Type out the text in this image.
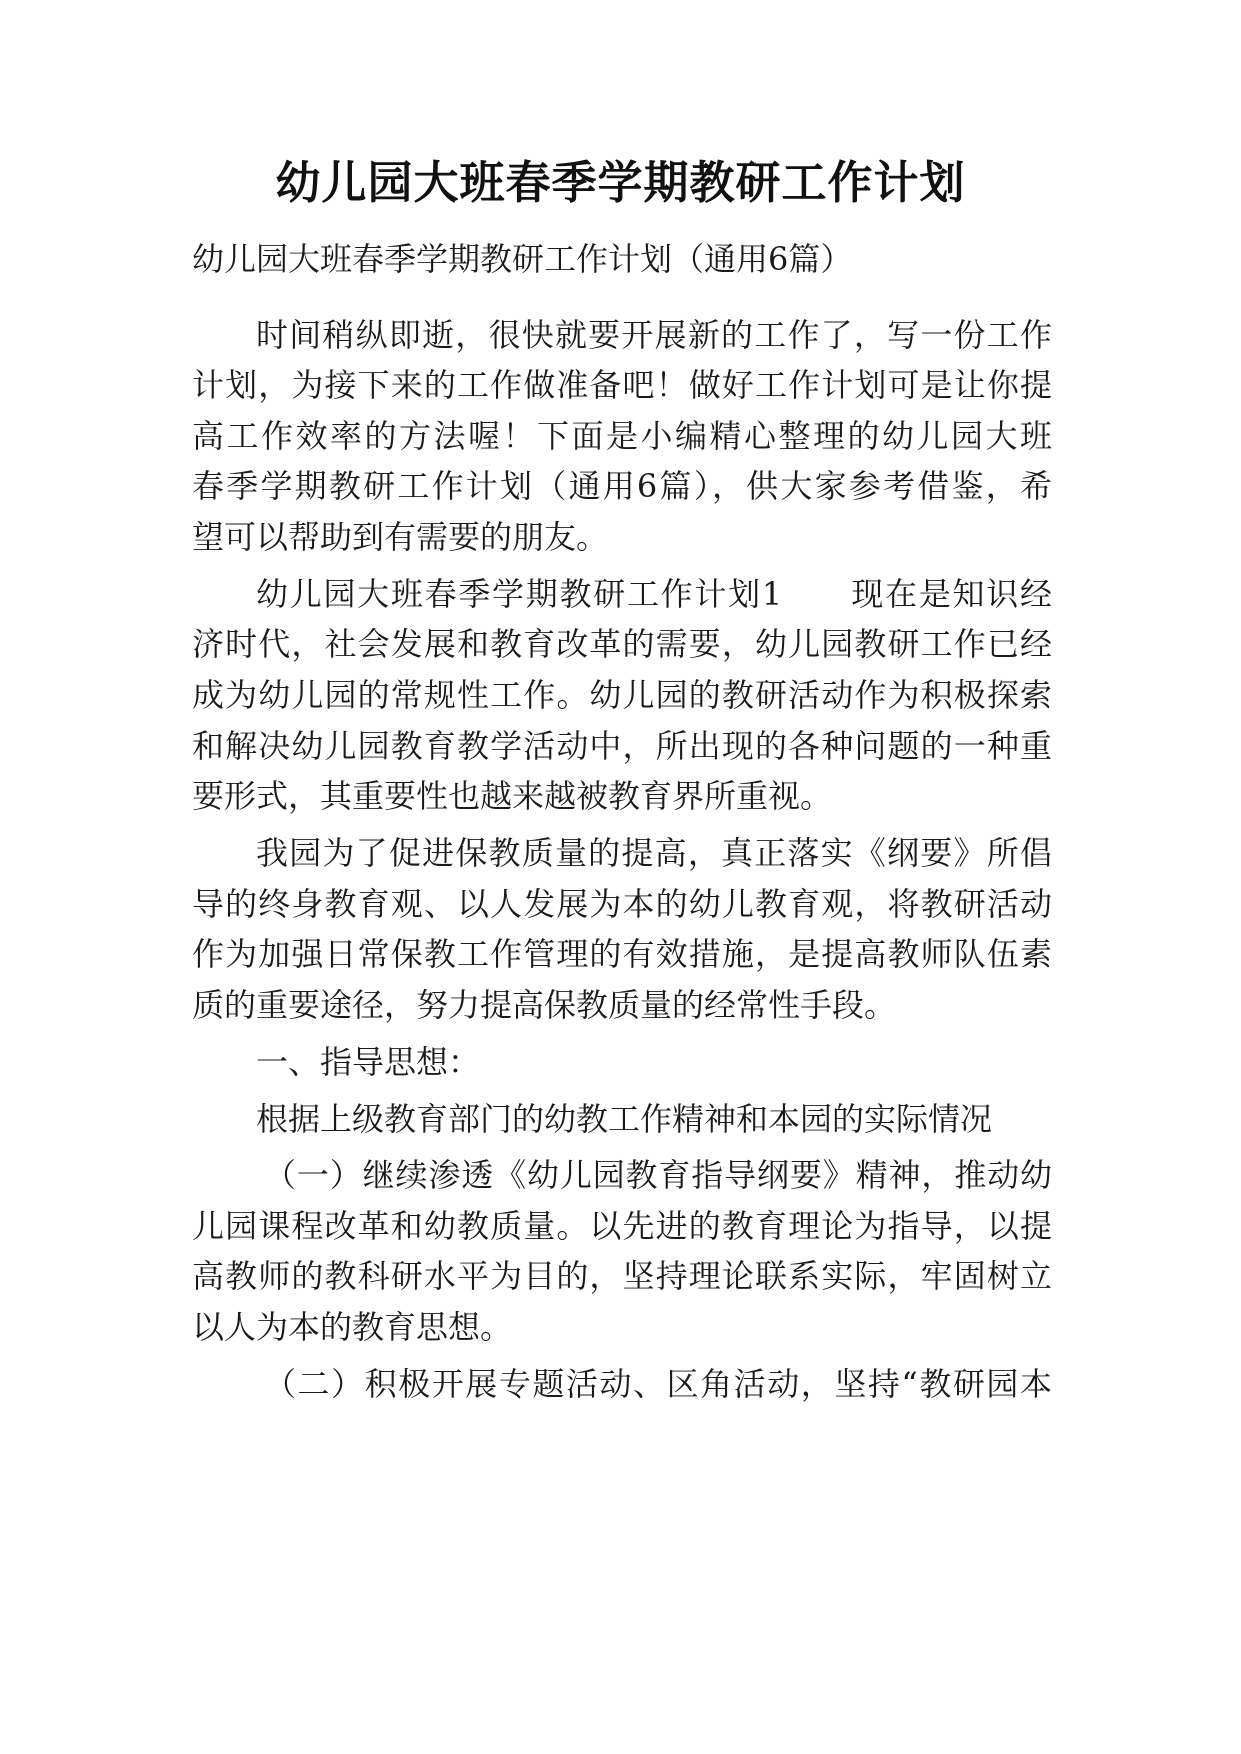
幼儿园大班春季学期教研工作计划
幼儿园大班春季学期教研工作计划（通用6篇）
时间稍纵即逝，很快就要开展新的工作了，写一份工作
计划，为接下来的工作做准备吧！做好工作计划可是让你提
高工作效率的方法喔！下面是小编精心整理的幼儿园大班
春季学期教研工作计划（通用6篇），供大家参考借鉴，希
望可以帮助到有需要的朋友。
幼儿园大班春季学期教研工作计划1　　现在是知识经
济时代，社会发展和教育改革的需要，幼儿园教研工作已经
成为幼儿园的常规性工作。幼儿园的教研活动作为积极探索
和解决幼儿园教育教学活动中，所出现的各种问题的一种重
要形式，其重要性也越来越被教育界所重视。
我园为了促进保教质量的提高，真正落实《纲要》所倡
导的终身教育观、以人发展为本的幼儿教育观，将教研活动
作为加强日常保教工作管理的有效措施，是提高教师队伍素
质的重要途径，努力提高保教质量的经常性手段。
一、指导思想：
根据上级教育部门的幼教工作精神和本园的实际情况
（一）继续渗透《幼儿园教育指导纲要》精神，推动幼
儿园课程改革和幼教质量。以先进的教育理论为指导，以提
高教师的教科研水平为目的，坚持理论联系实际，牢固树立
以人为本的教育思想。
（二）积极开展专题活动、区角活动，坚持“教研园本
